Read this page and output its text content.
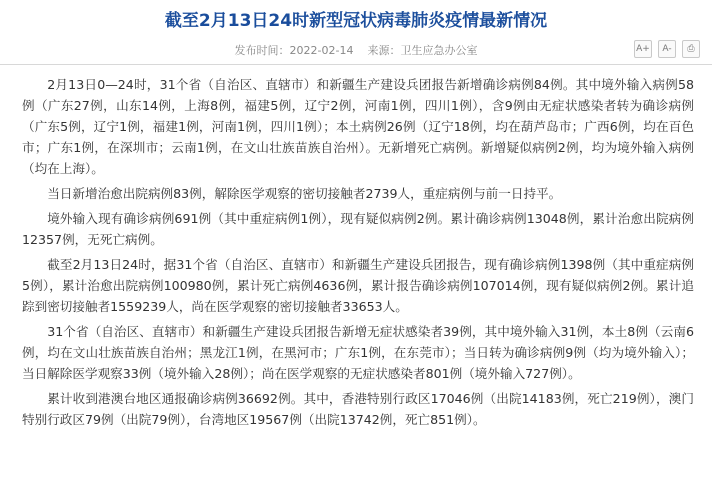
截至2月13日24时新型冠状病毒肺炎疫情最新情况
发布时间：2022-02-14 来源：卫生应急办公室	A+	A-	⎙

2月13日0—24时，31个省（自治区、直辖市）和新疆生产建设兵团报告新增确诊病例84例。其中境外输入病例58例（广东27例，山东14例，上海8例，福建5例，辽宁2例，河南1例，四川1例），含9例由无症状感染者转为确诊病例（广东5例，辽宁1例，福建1例，河南1例，四川1例）；本土病例26例（辽宁18例，均在葫芦岛市；广西6例，均在百色市；广东1例，在深圳市；云南1例，在文山壮族苗族自治州）。无新增死亡病例。新增疑似病例2例，均为境外输入病例（均在上海）。

当日新增治愈出院病例83例，解除医学观察的密切接触者2739人，重症病例与前一日持平。

境外输入现有确诊病例691例（其中重症病例1例），现有疑似病例2例。累计确诊病例13048例，累计治愈出院病例12357例，无死亡病例。

截至2月13日24时，据31个省（自治区、直辖市）和新疆生产建设兵团报告，现有确诊病例1398例（其中重症病例5例），累计治愈出院病例100980例，累计死亡病例4636例，累计报告确诊病例107014例，现有疑似病例2例。累计追踪到密切接触者1559239人，尚在医学观察的密切接触者33653人。

31个省（自治区、直辖市）和新疆生产建设兵团报告新增无症状感染者39例，其中境外输入31例，本土8例（云南6例，均在文山壮族苗族自治州；黑龙江1例，在黑河市；广东1例，在东莞市）；当日转为确诊病例9例（均为境外输入）；当日解除医学观察33例（境外输入28例）；尚在医学观察的无症状感染者801例（境外输入727例）。

累计收到港澳台地区通报确诊病例36692例。其中，香港特别行政区17046例（出院14183例，死亡219例），澳门特别行政区79例（出院79例），台湾地区19567例（出院13742例，死亡851例）。
